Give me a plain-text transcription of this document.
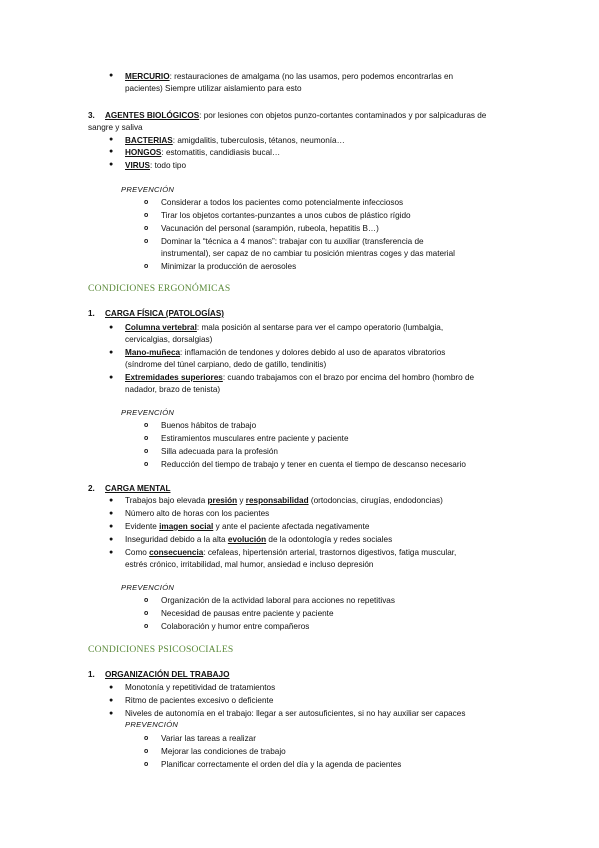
● MERCURIO: restauraciones de amalgama (no las usamos, pero podemos encontrarlas en
pacientes) Siempre utilizar aislamiento para esto
3. AGENTES BIOLÓGICOS: por lesiones con objetos punzo-cortantes contaminados y por salpicaduras de
sangre y saliva
● BACTERIAS: amigdalitis, tuberculosis, tétanos, neumonía…
● HONGOS: estomatitis, candidiasis bucal…
● VIRUS: todo tipo
PREVENCIÓN
o Considerar a todos los pacientes como potencialmente infecciosos
o Tirar los objetos cortantes-punzantes a unos cubos de plástico rígido
o Vacunación del personal (sarampión, rubeola, hepatitis B…)
o Dominar la “técnica a 4 manos”: trabajar con tu auxiliar (transferencia de
instrumental), ser capaz de no cambiar tu posición mientras coges y das material
o Minimizar la producción de aerosoles
CONDICIONES ERGONÓMICAS
1. CARGA FÍSICA (PATOLOGÍAS)
● Columna vertebral: mala posición al sentarse para ver el campo operatorio (lumbalgia,
cervicalgias, dorsalgias)
● Mano-muñeca: inflamación de tendones y dolores debido al uso de aparatos vibratorios
(síndrome del túnel carpiano, dedo de gatillo, tendinitis)
● Extremidades superiores: cuando trabajamos con el brazo por encima del hombro (hombro de
nadador, brazo de tenista)
PREVENCIÓN
o Buenos hábitos de trabajo
o Estiramientos musculares entre paciente y paciente
o Silla adecuada para la profesión
o Reducción del tiempo de trabajo y tener en cuenta el tiempo de descanso necesario
2. CARGA MENTAL
● Trabajos bajo elevada presión y responsabilidad (ortodoncias, cirugías, endodoncias)
● Número alto de horas con los pacientes
● Evidente imagen social y ante el paciente afectada negativamente
● Inseguridad debido a la alta evolución de la odontología y redes sociales
● Como consecuencia: cefaleas, hipertensión arterial, trastornos digestivos, fatiga muscular,
estrés crónico, irritabilidad, mal humor, ansiedad e incluso depresión
PREVENCIÓN
o Organización de la actividad laboral para acciones no repetitivas
o Necesidad de pausas entre paciente y paciente
o Colaboración y humor entre compañeros
CONDICIONES PSICOSOCIALES
1. ORGANIZACIÓN DEL TRABAJO
● Monotonía y repetitividad de tratamientos
● Ritmo de pacientes excesivo o deficiente
● Niveles de autonomía en el trabajo: llegar a ser autosuficientes, si no hay auxiliar ser capaces
PREVENCIÓN
o Variar las tareas a realizar
o Mejorar las condiciones de trabajo
o Planificar correctamente el orden del día y la agenda de pacientes
